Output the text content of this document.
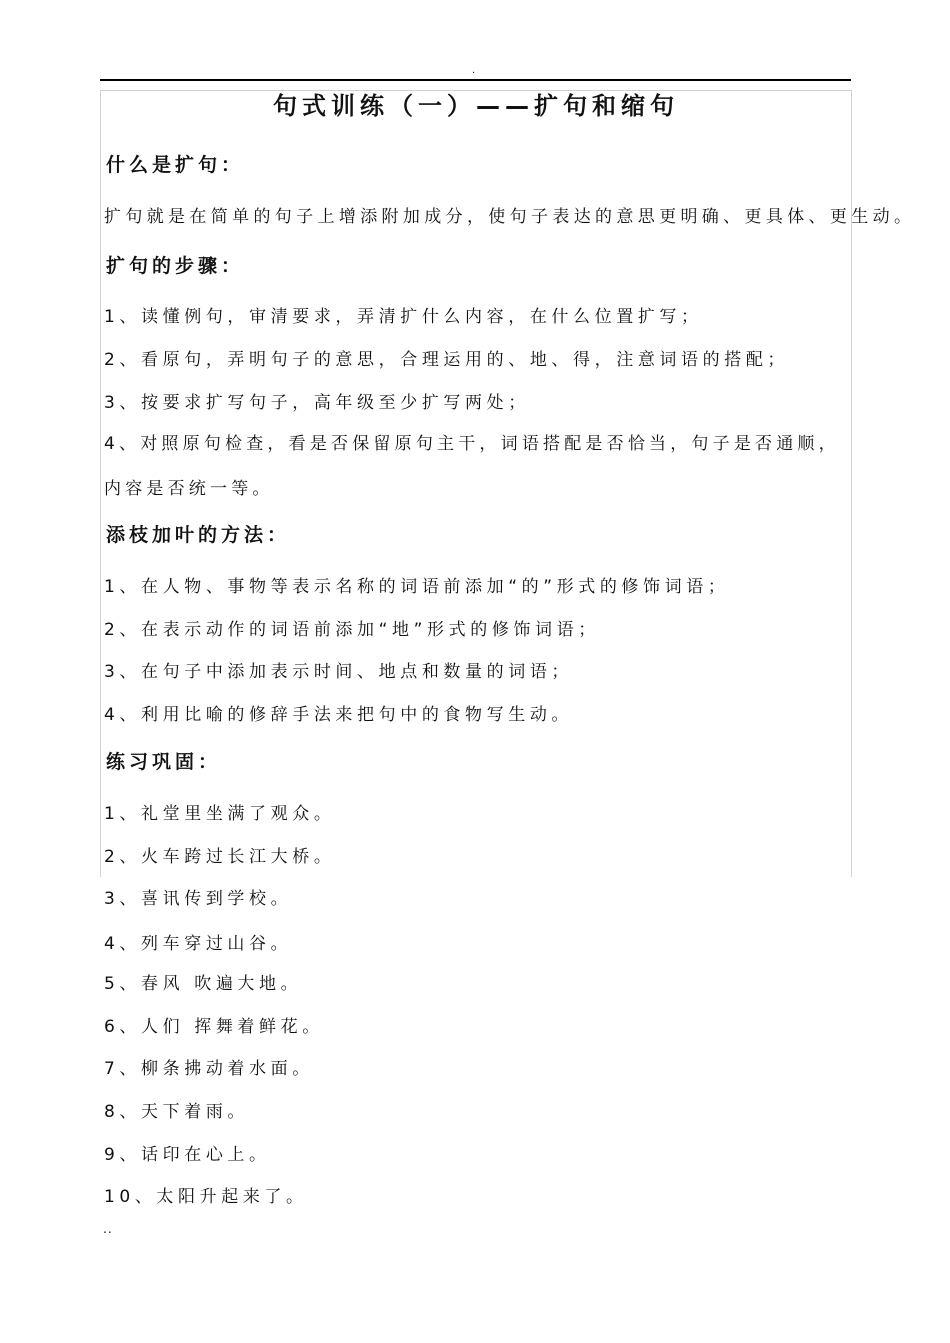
.
句式训练（一）——扩句和缩句
什么是扩句：
扩句就是在简单的句子上增添附加成分，使句子表达的意思更明确、更具体、更生动。
扩句的步骤：
1、读懂例句，审清要求，弄清扩什么内容，在什么位置扩写；
2、看原句，弄明句子的意思，合理运用的、地、得，注意词语的搭配；
3、按要求扩写句子，高年级至少扩写两处；
4、对照原句检查，看是否保留原句主干，词语搭配是否恰当，句子是否通顺，内容是否统一等。
添枝加叶的方法：
1、在人物、事物等表示名称的词语前添加“的”形式的修饰词语；
2、在表示动作的词语前添加“地”形式的修饰词语；
3、在句子中添加表示时间、地点和数量的词语；
4、利用比喻的修辞手法来把句中的食物写生动。
练习巩固：
1、礼堂里坐满了观众。
2、火车跨过长江大桥。
3、喜讯传到学校。
4、列车穿过山谷。
5、春风 吹遍大地。
6、人们 挥舞着鲜花。
7、柳条拂动着水面。
8、天下着雨。
9、话印在心上。
10、太阳升起来了。
..
